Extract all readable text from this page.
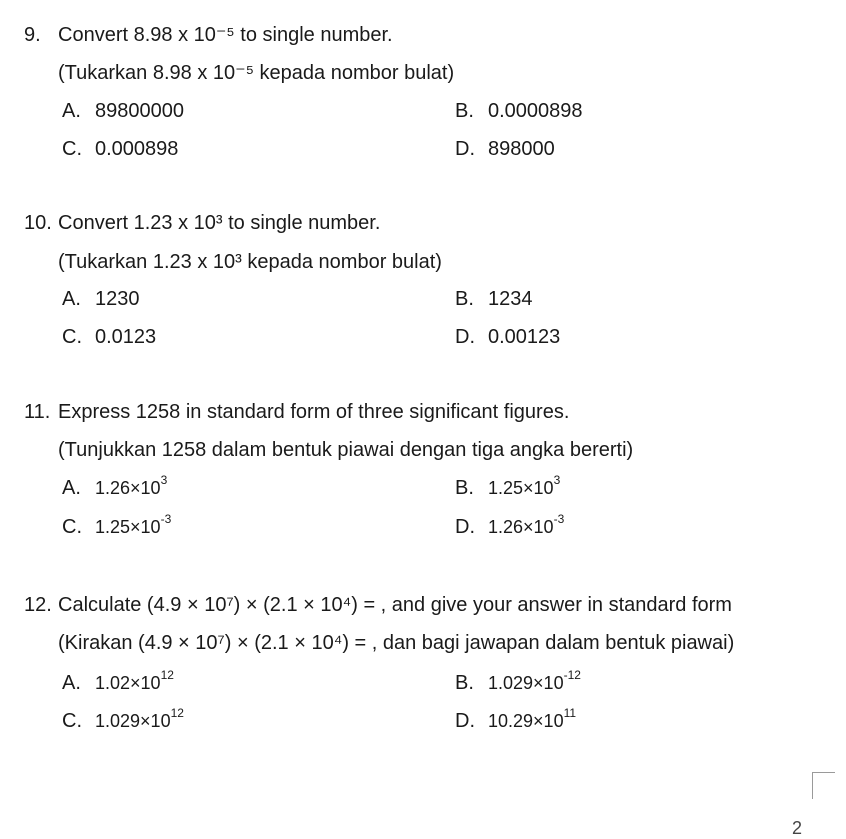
9. Convert 8.98 x 10⁻⁵ to single number.
(Tukarkan 8.98 x 10⁻⁵ kepada nombor bulat)
A. 89800000	B. 0.0000898
C. 0.000898	D. 898000
10. Convert 1.23 x 10³ to single number.
(Tukarkan 1.23 x 10³ kepada nombor bulat)
A. 1230	B. 1234
C. 0.0123	D. 0.00123
11. Express 1258 in standard form of three significant figures.
(Tunjukkan 1258 dalam bentuk piawai dengan tiga angka bererti)
A. $1.26\times 10^3$	B. $1.25\times 10^3$
C. $1.25\times 10^{-3}$	D. $1.26\times 10^{-3}$
12. Calculate (4.9 × 10⁷) × (2.1 × 10⁴) = , and give your answer in standard form
(Kirakan (4.9 × 10⁷) × (2.1 × 10⁴) = , dan bagi jawapan dalam bentuk piawai)
A. $1.02\times 10^{12}$	B. $1.029\times 10^{-12}$
C. $1.029\times 10^{12}$	D. $10.29\times 10^{11}$
2
